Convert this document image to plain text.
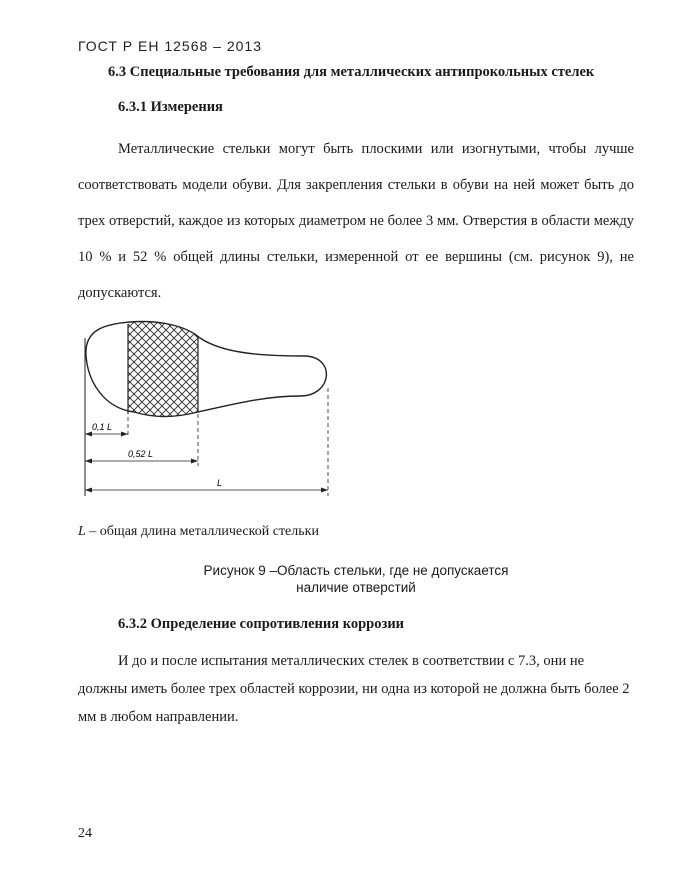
ГОСТ Р ЕН 12568 – 2013
6.3 Специальные требования для металлических антипрокольных стелек
6.3.1 Измерения

Металлические стельки могут быть плоскими или изогнутыми, чтобы лучше соответствовать модели обуви. Для закрепления стельки в обуви на ней может быть до трех отверстий, каждое из которых диаметром не более 3 мм. Отверстия в области между 10 % и 52 % общей длины стельки, измеренной от ее вершины (см. рисунок 9), не допускаются.

0,1 L
0,52 L
L
L – общая длина металлической стельки
Рисунок 9 –Область стельки, где не допускается
наличие отверстий
6.3.2 Определение сопротивления коррозии

И до и после испытания металлических стелек в соответствии с 7.3, они не должны иметь более трех областей коррозии, ни одна из которой не должна быть более 2 мм в любом направлении.

24
